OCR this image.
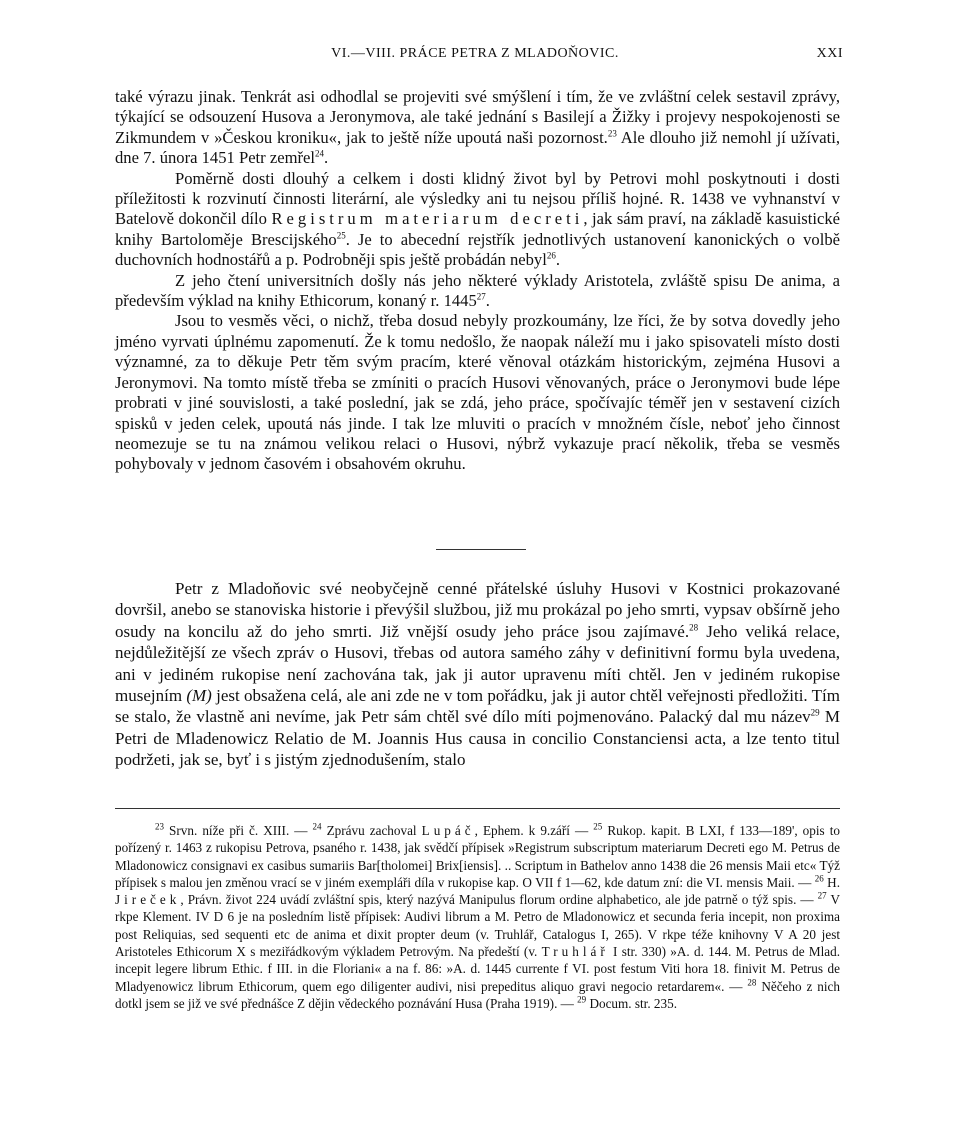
VI.—VIII. PRÁCE PETRA Z MLADOŇOVIC.	XXI

také výrazu jinak. Tenkrát asi odhodlal se projeviti své smýšlení i tím, že ve zvláštní celek sestavil zprávy, týkající se odsouzení Husova a Jeronymova, ale také jednání s Basilejí a Žižky i projevy nespokojenosti se Zikmundem v »Českou kroniku«, jak to ještě níže upoutá naši pozornost.$^{23}$ Ale dlouho již nemohl jí užívati, dne 7. února 1451 Petr zemřel$^{24}$.

Poměrně dosti dlouhý a celkem i dosti klidný život byl by Petrovi mohl poskytnouti i dosti příležitosti k rozvinutí činnosti literární, ale výsledky ani tu nejsou příliš hojné. R. 1438 ve vyhnanství v Batelově dokončil dílo Registrum materiarum decreti, jak sám praví, na základě kasuistické knihy Bartoloměje Brescijského$^{25}$. Je to abecední rejstřík jednotlivých ustanovení kanonických o volbě duchovních hodnostářů a p. Podrobněji spis ještě probádán nebyl$^{26}$.

Z jeho čtení universitních došly nás jeho některé výklady Aristotela, zvláště spisu De anima, a především výklad na knihy Ethicorum, konaný r. 1445$^{27}$.

Jsou to vesměs věci, o nichž, třeba dosud nebyly prozkoumány, lze říci, že by sotva dovedly jeho jméno vyrvati úplnému zapomenutí. Že k tomu nedošlo, že naopak náleží mu i jako spisovateli místo dosti významné, za to děkuje Petr těm svým pracím, které věnoval otázkám historickým, zejména Husovi a Jeronymovi. Na tomto místě třeba se zmíniti o pracích Husovi věnovaných, práce o Jeronymovi bude lépe probrati v jiné souvislosti, a také poslední, jak se zdá, jeho práce, spočívajíc téměř jen v sestavení cizích spisků v jeden celek, upoutá nás jinde. I tak lze mluviti o pracích v množném čísle, neboť jeho činnost neomezuje se tu na známou velikou relaci o Husovi, nýbrž vykazuje prací několik, třeba se vesměs pohybovaly v jednom časovém i obsahovém okruhu.

Petr z Mladoňovic své neobyčejně cenné přátelské úsluhy Husovi v Kostnici prokazované dovršil, anebo se stanoviska historie i převýšil službou, již mu prokázal po jeho smrti, vypsav obšírně jeho osudy na koncilu až do jeho smrti. Již vnější osudy jeho práce jsou zajímavé.$^{28}$ Jeho veliká relace, nejdůležitější ze všech zpráv o Husovi, třebas od autora samého záhy v definitivní formu byla uvedena, ani v jediném rukopise není zachována tak, jak ji autor upravenu míti chtěl. Jen v jediném rukopise musejním (M) jest obsažena celá, ale ani zde ne v tom pořádku, jak ji autor chtěl veřejnosti předložiti. Tím se stalo, že vlastně ani nevíme, jak Petr sám chtěl své dílo míti pojmenováno. Palacký dal mu název$^{29}$ M Petri de Mladenowicz Relatio de M. Joannis Hus causa in concilio Constanciensi acta, a lze tento titul podržeti, jak se, byť i s jistým zjednodušením, stalo

$^{23}$ Srvn. níže při č. XIII. — $^{24}$ Zprávu zachoval Lupáč, Ephem. k 9.září — $^{25}$ Rukop. kapit. B LXI, f 133—189', opis to pořízený r. 1463 z rukopisu Petrova, psaného r. 1438, jak svědčí přípisek »Registrum subscriptum materiarum Decreti ego M. Petrus de Mladonowicz consignavi ex casibus sumariis Bar[tholomei] Brix[iensis]. .. Scriptum in Bathelov anno 1438 die 26 mensis Maii etc« Týž přípisek s malou jen změnou vrací se v jiném exempláři díla v rukopise kap. O VII f 1—62, kde datum zní: die VI. mensis Maii. — $^{26}$ H. Jireček, Právn. život 224 uvádí zvláštní spis, který nazývá Manipulus florum ordine alphabetico, ale jde patrně o týž spis. — $^{27}$ V rkpe Klement. IV D 6 je na posledním listě přípisek: Audivi librum a M. Petro de Mladonowicz et secunda feria incepit, non proxima post Reliquias, sed sequenti etc de anima et dixit propter deum (v. Truhlář, Catalogus I, 265). V rkpe téže knihovny V A 20 jest Aristoteles Ethicorum X s meziřádkovým výkladem Petrovým. Na předeští (v. Truhlář I str. 330) »A. d. 144. M. Petrus de Mlad. incepit legere librum Ethic. f III. in die Floriani« a na f. 86: »A. d. 1445 currente f VI. post festum Viti hora 18. finivit M. Petrus de Mladyenowicz librum Ethicorum, quem ego diligenter audivi, nisi prepeditus aliquo gravi negocio retardarem«. — $^{28}$ Něčeho z nich dotkl jsem se již ve své přednášce Z dějin vědeckého poznávání Husa (Praha 1919). — $^{29}$ Docum. str. 235.
